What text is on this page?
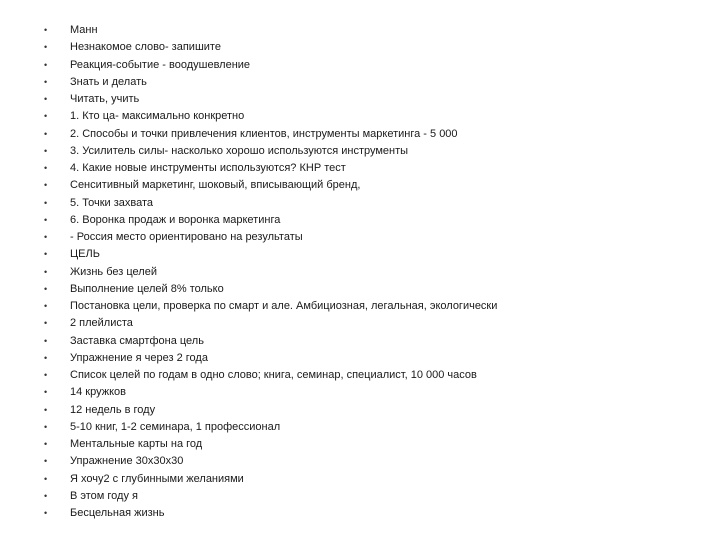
•	Манн
•	Незнакомое слово- запишите
•	Реакция-событие - воодушевление
•	Знать и делать
•	Читать, учить
•	1. Кто ца- максимально конкретно
•	2. Способы и точки привлечения клиентов, инструменты маркетинга - 5 000
•	3. Усилитель силы- насколько хорошо используются инструменты
•	4. Какие новые инструменты используются? КНР тест
•	Сенситивный маркетинг, шоковый, вписывающий бренд,
•	5. Точки захвата
•	6. Воронка продаж и воронка маркетинга
•	- Россия место ориентировано на результаты
•	ЦЕЛЬ
•	Жизнь без целей
•	Выполнение целей 8% только
•	Постановка цели, проверка по смарт и але. Амбициозная, легальная, экологически
•	2 плейлиста
•	Заставка смартфона цель
•	Упражнение я через 2 года
•	Список целей по годам в одно слово; книга, семинар, специалист, 10 000 часов
•	14 кружков
•	12 недель в году
•	5-10 книг, 1-2 семинара, 1 профессионал
•	Ментальные карты на год
•	Упражнение 30х30х30
•	Я хочу2 с глубинными желаниями
•	В этом году я
•	Бесцельная жизнь
